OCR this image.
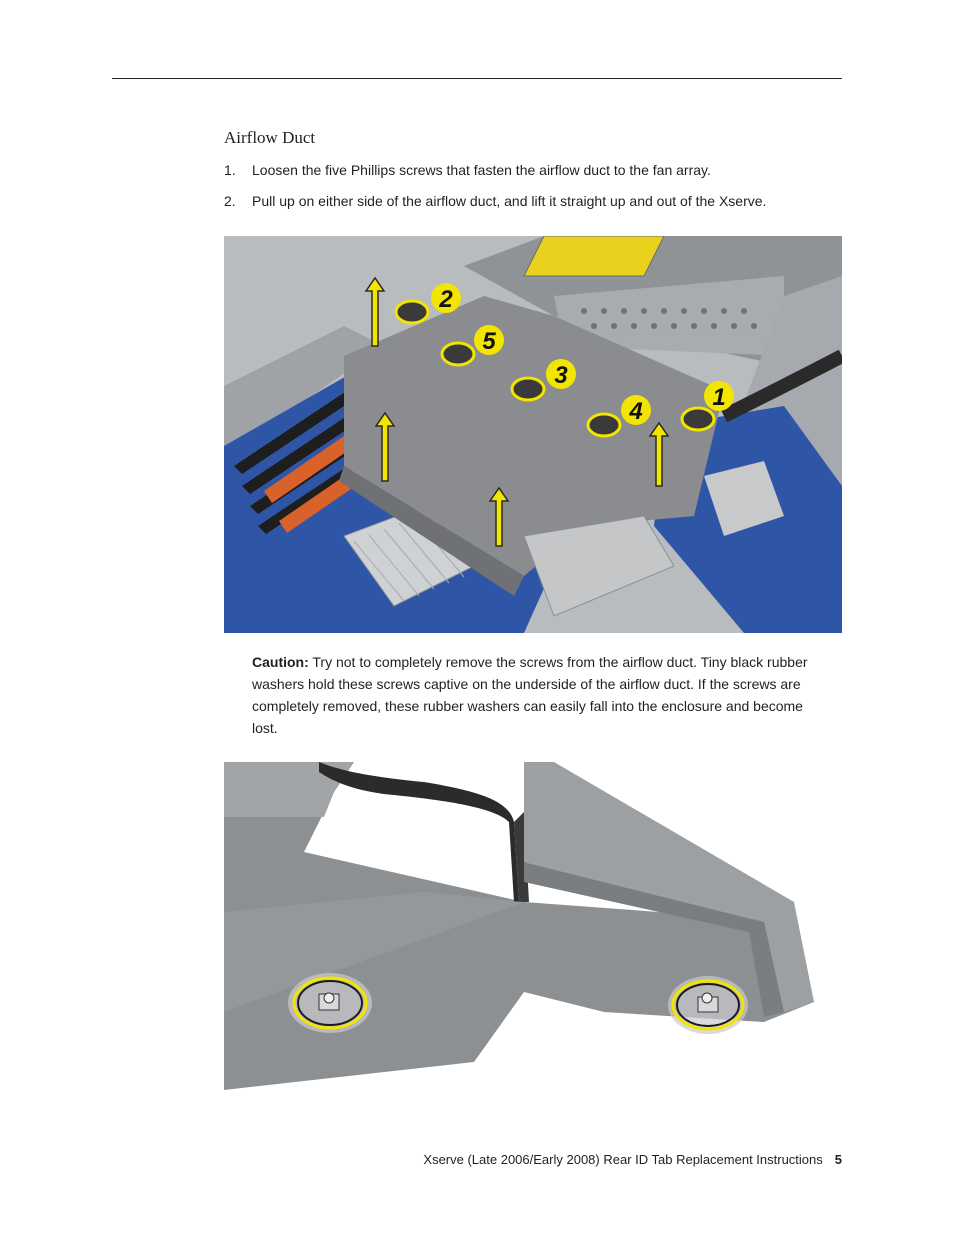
Airflow Duct
1.	Loosen the five Phillips screws that fasten the airflow duct to the fan array.
2.	Pull up on either side of the airflow duct, and lift it straight up and out of the Xserve.
2
5
3
4
1
Caution: Try not to completely remove the screws from the airflow duct. Tiny black rubber washers hold these screws captive on the underside of the airflow duct. If the screws are completely removed, these rubber washers can easily fall into the enclosure and become lost.
Xserve (Late 2006/Early 2008) Rear ID Tab Replacement Instructions 5
